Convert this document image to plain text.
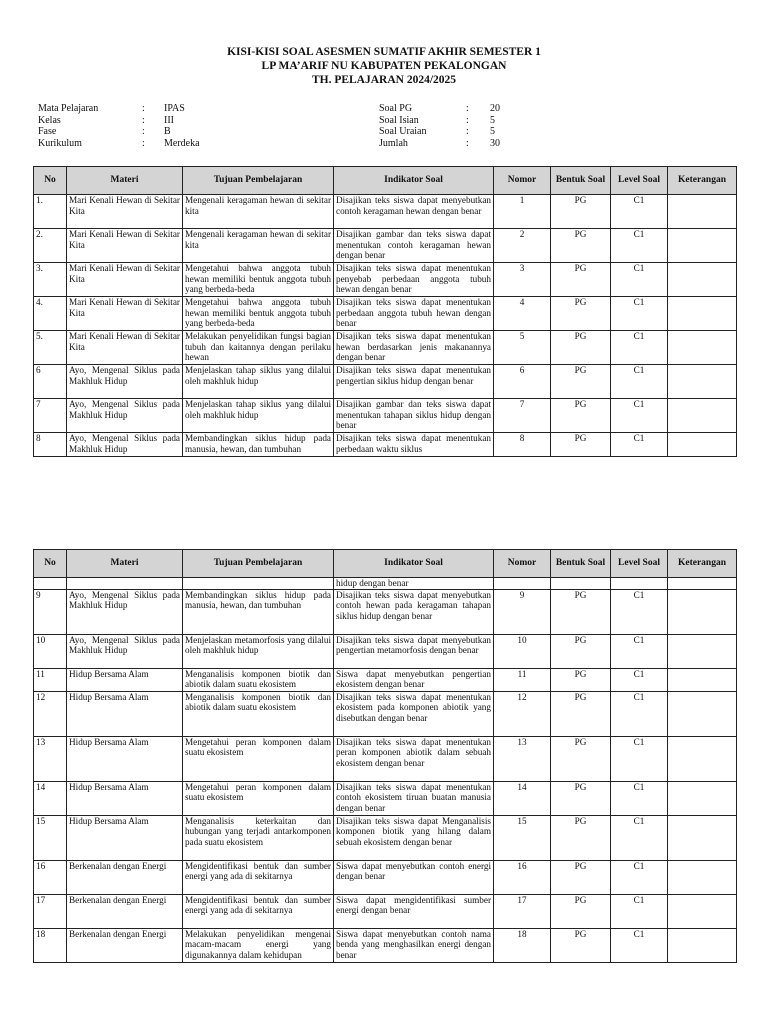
KISI-KISI SOAL ASESMEN SUMATIF AKHIR SEMESTER 1
LP MA’ARIF NU KABUPATEN PEKALONGAN
TH. PELAJARAN 2024/2025
Mata Pelajaran	: IPAS
Kelas	: III
Fase	: B
Kurikulum	: Merdeka
Soal PG	: 20
Soal Isian	: 5
Soal Uraian	: 5
Jumlah	: 30
No	Materi	Tujuan Pembelajaran	Indikator Soal	Nomor	Bentuk Soal	Level Soal	Keterangan
1.	Mari Kenali Hewan di Sekitar Kita	Mengenali keragaman hewan di sekitar kita	Disajikan teks siswa dapat menyebutkan contoh keragaman hewan dengan benar	1	PG	C1	
2.	Mari Kenali Hewan di Sekitar Kita	Mengenali keragaman hewan di sekitar kita	Disajikan gambar dan teks siswa dapat menentukan contoh keragaman hewan dengan benar	2	PG	C1	
3.	Mari Kenali Hewan di Sekitar Kita	Mengetahui bahwa anggota tubuh hewan memiliki bentuk anggota tubuh yang berbeda-beda	Disajikan teks siswa dapat menentukan penyebab perbedaan anggota tubuh hewan dengan benar	3	PG	C1	
4.	Mari Kenali Hewan di Sekitar Kita	Mengetahui bahwa anggota tubuh hewan memiliki bentuk anggota tubuh yang berbeda-beda	Disajikan teks siswa dapat menentukan perbedaan anggota tubuh hewan dengan benar	4	PG	C1	
5.	Mari Kenali Hewan di Sekitar Kita	Melakukan penyelidikan fungsi bagian tubuh dan kaitannya dengan perilaku hewan	Disajikan teks siswa dapat menentukan hewan berdasarkan jenis makanannya dengan benar	5	PG	C1	
6	Ayo, Mengenal Siklus pada Makhluk Hidup	Menjelaskan tahap siklus yang dilalui oleh makhluk hidup	Disajikan teks siswa dapat menentukan pengertian siklus hidup dengan benar	6	PG	C1	
7	Ayo, Mengenal Siklus pada Makhluk Hidup	Menjelaskan tahap siklus yang dilalui oleh makhluk hidup	Disajikan gambar dan teks siswa dapat menentukan tahapan siklus hidup dengan benar	7	PG	C1	
8	Ayo, Mengenal Siklus pada Makhluk Hidup	Membandingkan siklus hidup pada manusia, hewan, dan tumbuhan	Disajikan teks siswa dapat menentukan perbedaan waktu siklus	8	PG	C1	
No	Materi	Tujuan Pembelajaran	Indikator Soal	Nomor	Bentuk Soal	Level Soal	Keterangan
			hidup dengan benar				
9	Ayo, Mengenal Siklus pada Makhluk Hidup	Membandingkan siklus hidup pada manusia, hewan, dan tumbuhan	Disajikan teks siswa dapat menyebutkan contoh hewan pada keragaman tahapan siklus hidup dengan benar	9	PG	C1	
10	Ayo, Mengenal Siklus pada Makhluk Hidup	Menjelaskan metamorfosis yang dilalui oleh makhluk hidup	Disajikan teks siswa dapat menyebutkan pengertian metamorfosis dengan benar	10	PG	C1	
11	Hidup Bersama Alam	Menganalisis komponen biotik dan abiotik dalam suatu ekosistem	Siswa dapat menyebutkan pengertian ekosistem dengan benar	11	PG	C1	
12	Hidup Bersama Alam	Menganalisis komponen biotik dan abiotik dalam suatu ekosistem	Disajikan teks siswa dapat menentukan ekosistem pada komponen abiotik yang disebutkan dengan benar	12	PG	C1	
13	Hidup Bersama Alam	Mengetahui peran komponen dalam suatu ekosistem	Disajikan teks siswa dapat menentukan peran komponen abiotik dalam sebuah ekosistem dengan benar	13	PG	C1	
14	Hidup Bersama Alam	Mengetahui peran komponen dalam suatu ekosistem	Disajikan teks siswa dapat menentukan contoh ekosistem tiruan buatan manusia dengan benar	14	PG	C1	
15	Hidup Bersama Alam	Menganalisis keterkaitan dan hubungan yang terjadi antarkomponen pada suatu ekosistem	Disajikan teks siswa dapat Menganalisis komponen biotik yang hilang dalam sebuah ekosistem dengan benar	15	PG	C1	
16	Berkenalan dengan Energi	Mengidentifikasi bentuk dan sumber energi yang ada di sekitarnya	Siswa dapat menyebutkan contoh energi dengan benar	16	PG	C1	
17	Berkenalan dengan Energi	Mengidentifikasi bentuk dan sumber energi yang ada di sekitarnya	Siswa dapat mengidentifikasi sumber energi dengan benar	17	PG	C1	
18	Berkenalan dengan Energi	Melakukan penyelidikan mengenai macam-macam energi yang digunakannya dalam kehidupan	Siswa dapat menyebutkan contoh nama benda yang menghasilkan energi dengan benar	18	PG	C1	
